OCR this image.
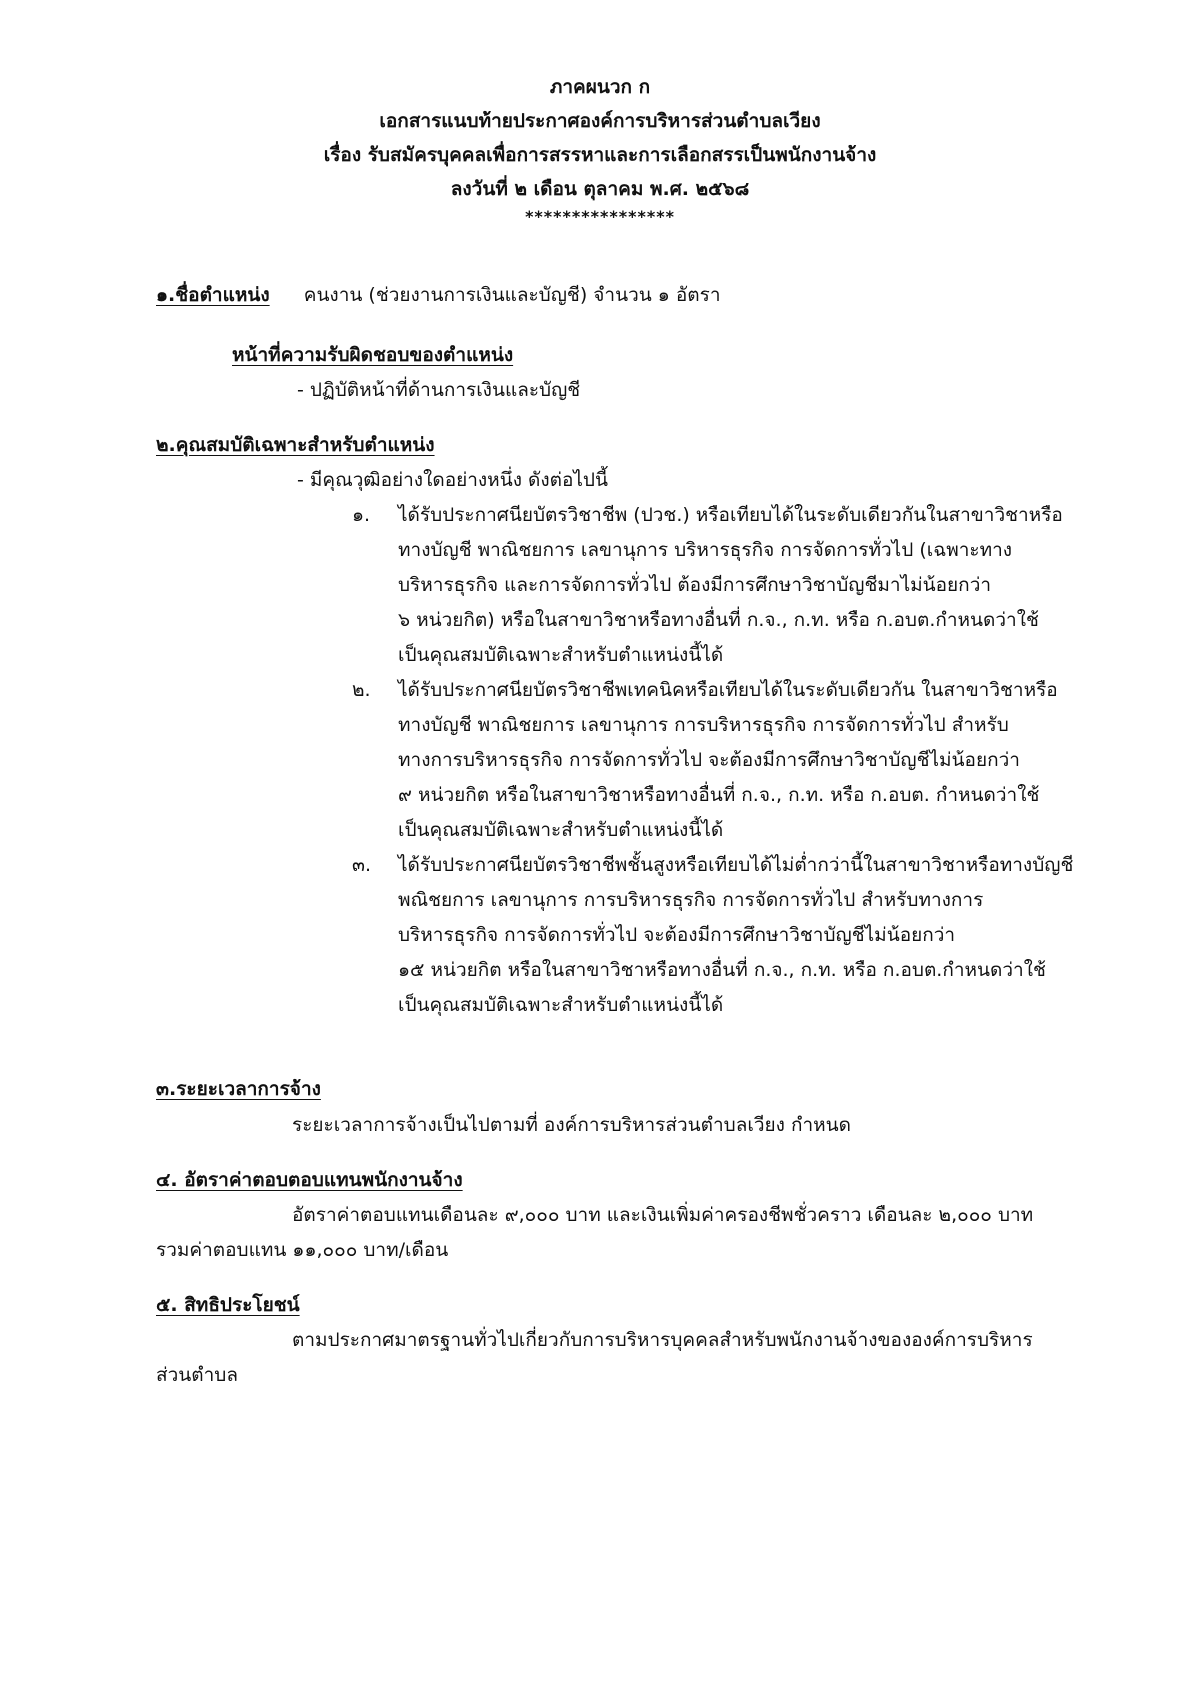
ภาคผนวก ก
เอกสารแนบท้ายประกาศองค์การบริหารส่วนตำบลเวียง
เรื่อง รับสมัครบุคคลเพื่อการสรรหาและการเลือกสรรเป็นพนักงานจ้าง
ลงวันที่ ๒ เดือน ตุลาคม พ.ศ. ๒๕๖๘
****************
๑.ชื่อตำแหน่ง คนงาน (ช่วยงานการเงินและบัญชี) จำนวน ๑ อัตรา
หน้าที่ความรับผิดชอบของตำแหน่ง
- ปฏิบัติหน้าที่ด้านการเงินและบัญชี
๒.คุณสมบัติเฉพาะสำหรับตำแหน่ง
- มีคุณวุฒิอย่างใดอย่างหนึ่ง ดังต่อไปนี้
๑. ได้รับประกาศนียบัตรวิชาชีพ (ปวช.) หรือเทียบได้ในระดับเดียวกันในสาขาวิชาหรือ
ทางบัญชี พาณิชยการ เลขานุการ บริหารธุรกิจ การจัดการทั่วไป (เฉพาะทาง
บริหารธุรกิจ และการจัดการทั่วไป ต้องมีการศึกษาวิชาบัญชีมาไม่น้อยกว่า
๖ หน่วยกิต) หรือในสาขาวิชาหรือทางอื่นที่ ก.จ., ก.ท. หรือ ก.อบต.กำหนดว่าใช้
เป็นคุณสมบัติเฉพาะสำหรับตำแหน่งนี้ได้
๒. ได้รับประกาศนียบัตรวิชาชีพเทคนิคหรือเทียบได้ในระดับเดียวกัน ในสาขาวิชาหรือ
ทางบัญชี พาณิชยการ เลขานุการ การบริหารธุรกิจ การจัดการทั่วไป สำหรับ
ทางการบริหารธุรกิจ การจัดการทั่วไป จะต้องมีการศึกษาวิชาบัญชีไม่น้อยกว่า
๙ หน่วยกิต หรือในสาขาวิชาหรือทางอื่นที่ ก.จ., ก.ท. หรือ ก.อบต. กำหนดว่าใช้
เป็นคุณสมบัติเฉพาะสำหรับตำแหน่งนี้ได้
๓. ได้รับประกาศนียบัตรวิชาชีพชั้นสูงหรือเทียบได้ไม่ต่ำกว่านี้ในสาขาวิชาหรือทางบัญชี
พณิชยการ เลขานุการ การบริหารธุรกิจ การจัดการทั่วไป สำหรับทางการ
บริหารธุรกิจ การจัดการทั่วไป จะต้องมีการศึกษาวิชาบัญชีไม่น้อยกว่า
๑๕ หน่วยกิต หรือในสาขาวิชาหรือทางอื่นที่ ก.จ., ก.ท. หรือ ก.อบต.กำหนดว่าใช้
เป็นคุณสมบัติเฉพาะสำหรับตำแหน่งนี้ได้
๓.ระยะเวลาการจ้าง
ระยะเวลาการจ้างเป็นไปตามที่ องค์การบริหารส่วนตำบลเวียง กำหนด
๔. อัตราค่าตอบตอบแทนพนักงานจ้าง
อัตราค่าตอบแทนเดือนละ ๙,๐๐๐ บาท และเงินเพิ่มค่าครองชีพชั่วคราว เดือนละ ๒,๐๐๐ บาท
รวมค่าตอบแทน ๑๑,๐๐๐ บาท/เดือน
๕. สิทธิประโยชน์
ตามประกาศมาตรฐานทั่วไปเกี่ยวกับการบริหารบุคคลสำหรับพนักงานจ้างขององค์การบริหาร
ส่วนตำบล
